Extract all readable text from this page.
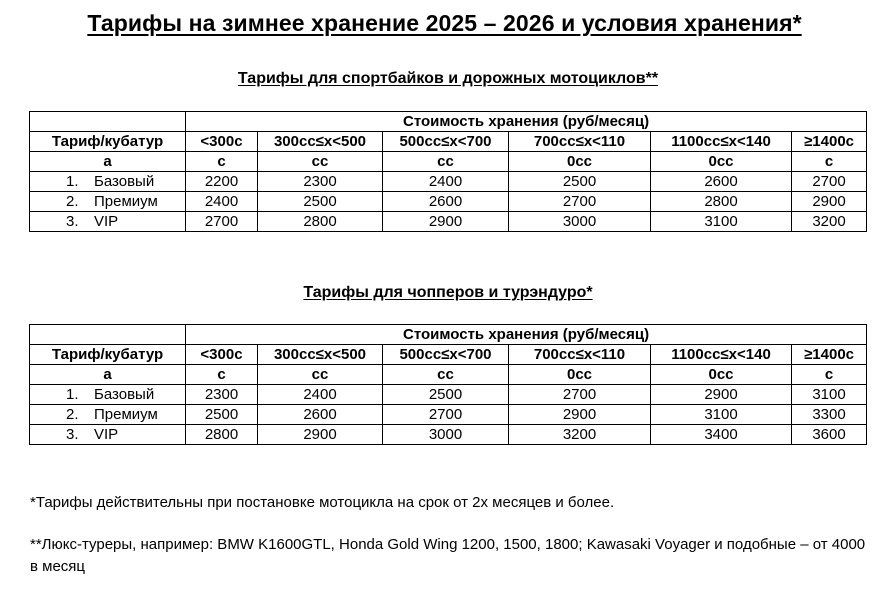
Тарифы на зимнее хранение 2025 – 2026 и условия хранения*
Тарифы для спортбайков и дорожных мотоциклов**
	Стоимость хранения (руб/месяц)					
Тариф/кубатур	<300c	300cc≤x<500	500cc≤x<700	700cc≤x<110	1100cc≤x<140	≥1400c
а	c	cc	cc	0cc	0cc	c
1. Базовый	2200	2300	2400	2500	2600	2700
2. Премиум	2400	2500	2600	2700	2800	2900
3. VIP	2700	2800	2900	3000	3100	3200
Тарифы для чопперов и турэндуро*
	Стоимость хранения (руб/месяц)					
Тариф/кубатур	<300c	300cc≤x<500	500cc≤x<700	700cc≤x<110	1100cc≤x<140	≥1400c
а	c	cc	cc	0cc	0cc	c
1. Базовый	2300	2400	2500	2700	2900	3100
2. Премиум	2500	2600	2700	2900	3100	3300
3. VIP	2800	2900	3000	3200	3400	3600
*Тарифы действительны при постановке мотоцикла на срок от 2х месяцев и более.
**Люкс-туреры, например: BMW K1600GTL, Honda Gold Wing 1200, 1500, 1800; Kawasaki Voyager и подобные – от 4000 в месяц
